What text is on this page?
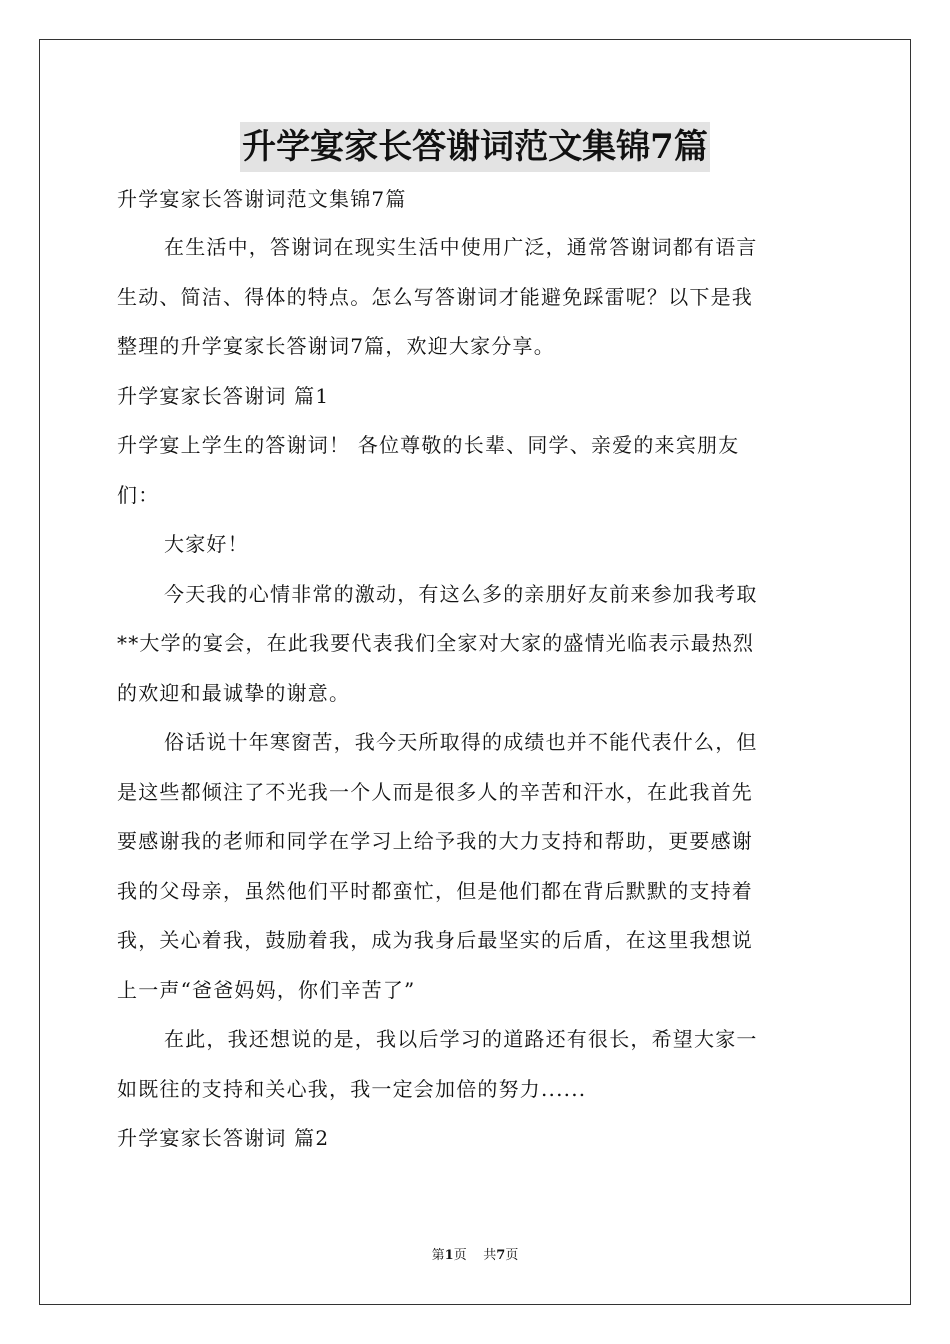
升学宴家长答谢词范文集锦7篇

升学宴家长答谢词范文集锦7篇

在生活中，答谢词在现实生活中使用广泛，通常答谢词都有语言

生动、简洁、得体的特点。怎么写答谢词才能避免踩雷呢？以下是我

整理的升学宴家长答谢词7篇，欢迎大家分享。

升学宴家长答谢词 篇1

升学宴上学生的答谢词！ 各位尊敬的长辈、同学、亲爱的来宾朋友

们：

大家好！

今天我的心情非常的激动，有这么多的亲朋好友前来参加我考取

**大学的宴会，在此我要代表我们全家对大家的盛情光临表示最热烈

的欢迎和最诚挚的谢意。

俗话说十年寒窗苦，我今天所取得的成绩也并不能代表什么，但

是这些都倾注了不光我一个人而是很多人的辛苦和汗水，在此我首先

要感谢我的老师和同学在学习上给予我的大力支持和帮助，更要感谢

我的父母亲，虽然他们平时都蛮忙，但是他们都在背后默默的支持着

我，关心着我，鼓励着我，成为我身后最坚实的后盾，在这里我想说

上一声“爸爸妈妈，你们辛苦了”

在此，我还想说的是，我以后学习的道路还有很长，希望大家一

如既往的支持和关心我，我一定会加倍的努力......

升学宴家长答谢词 篇2

第1页 共7页
